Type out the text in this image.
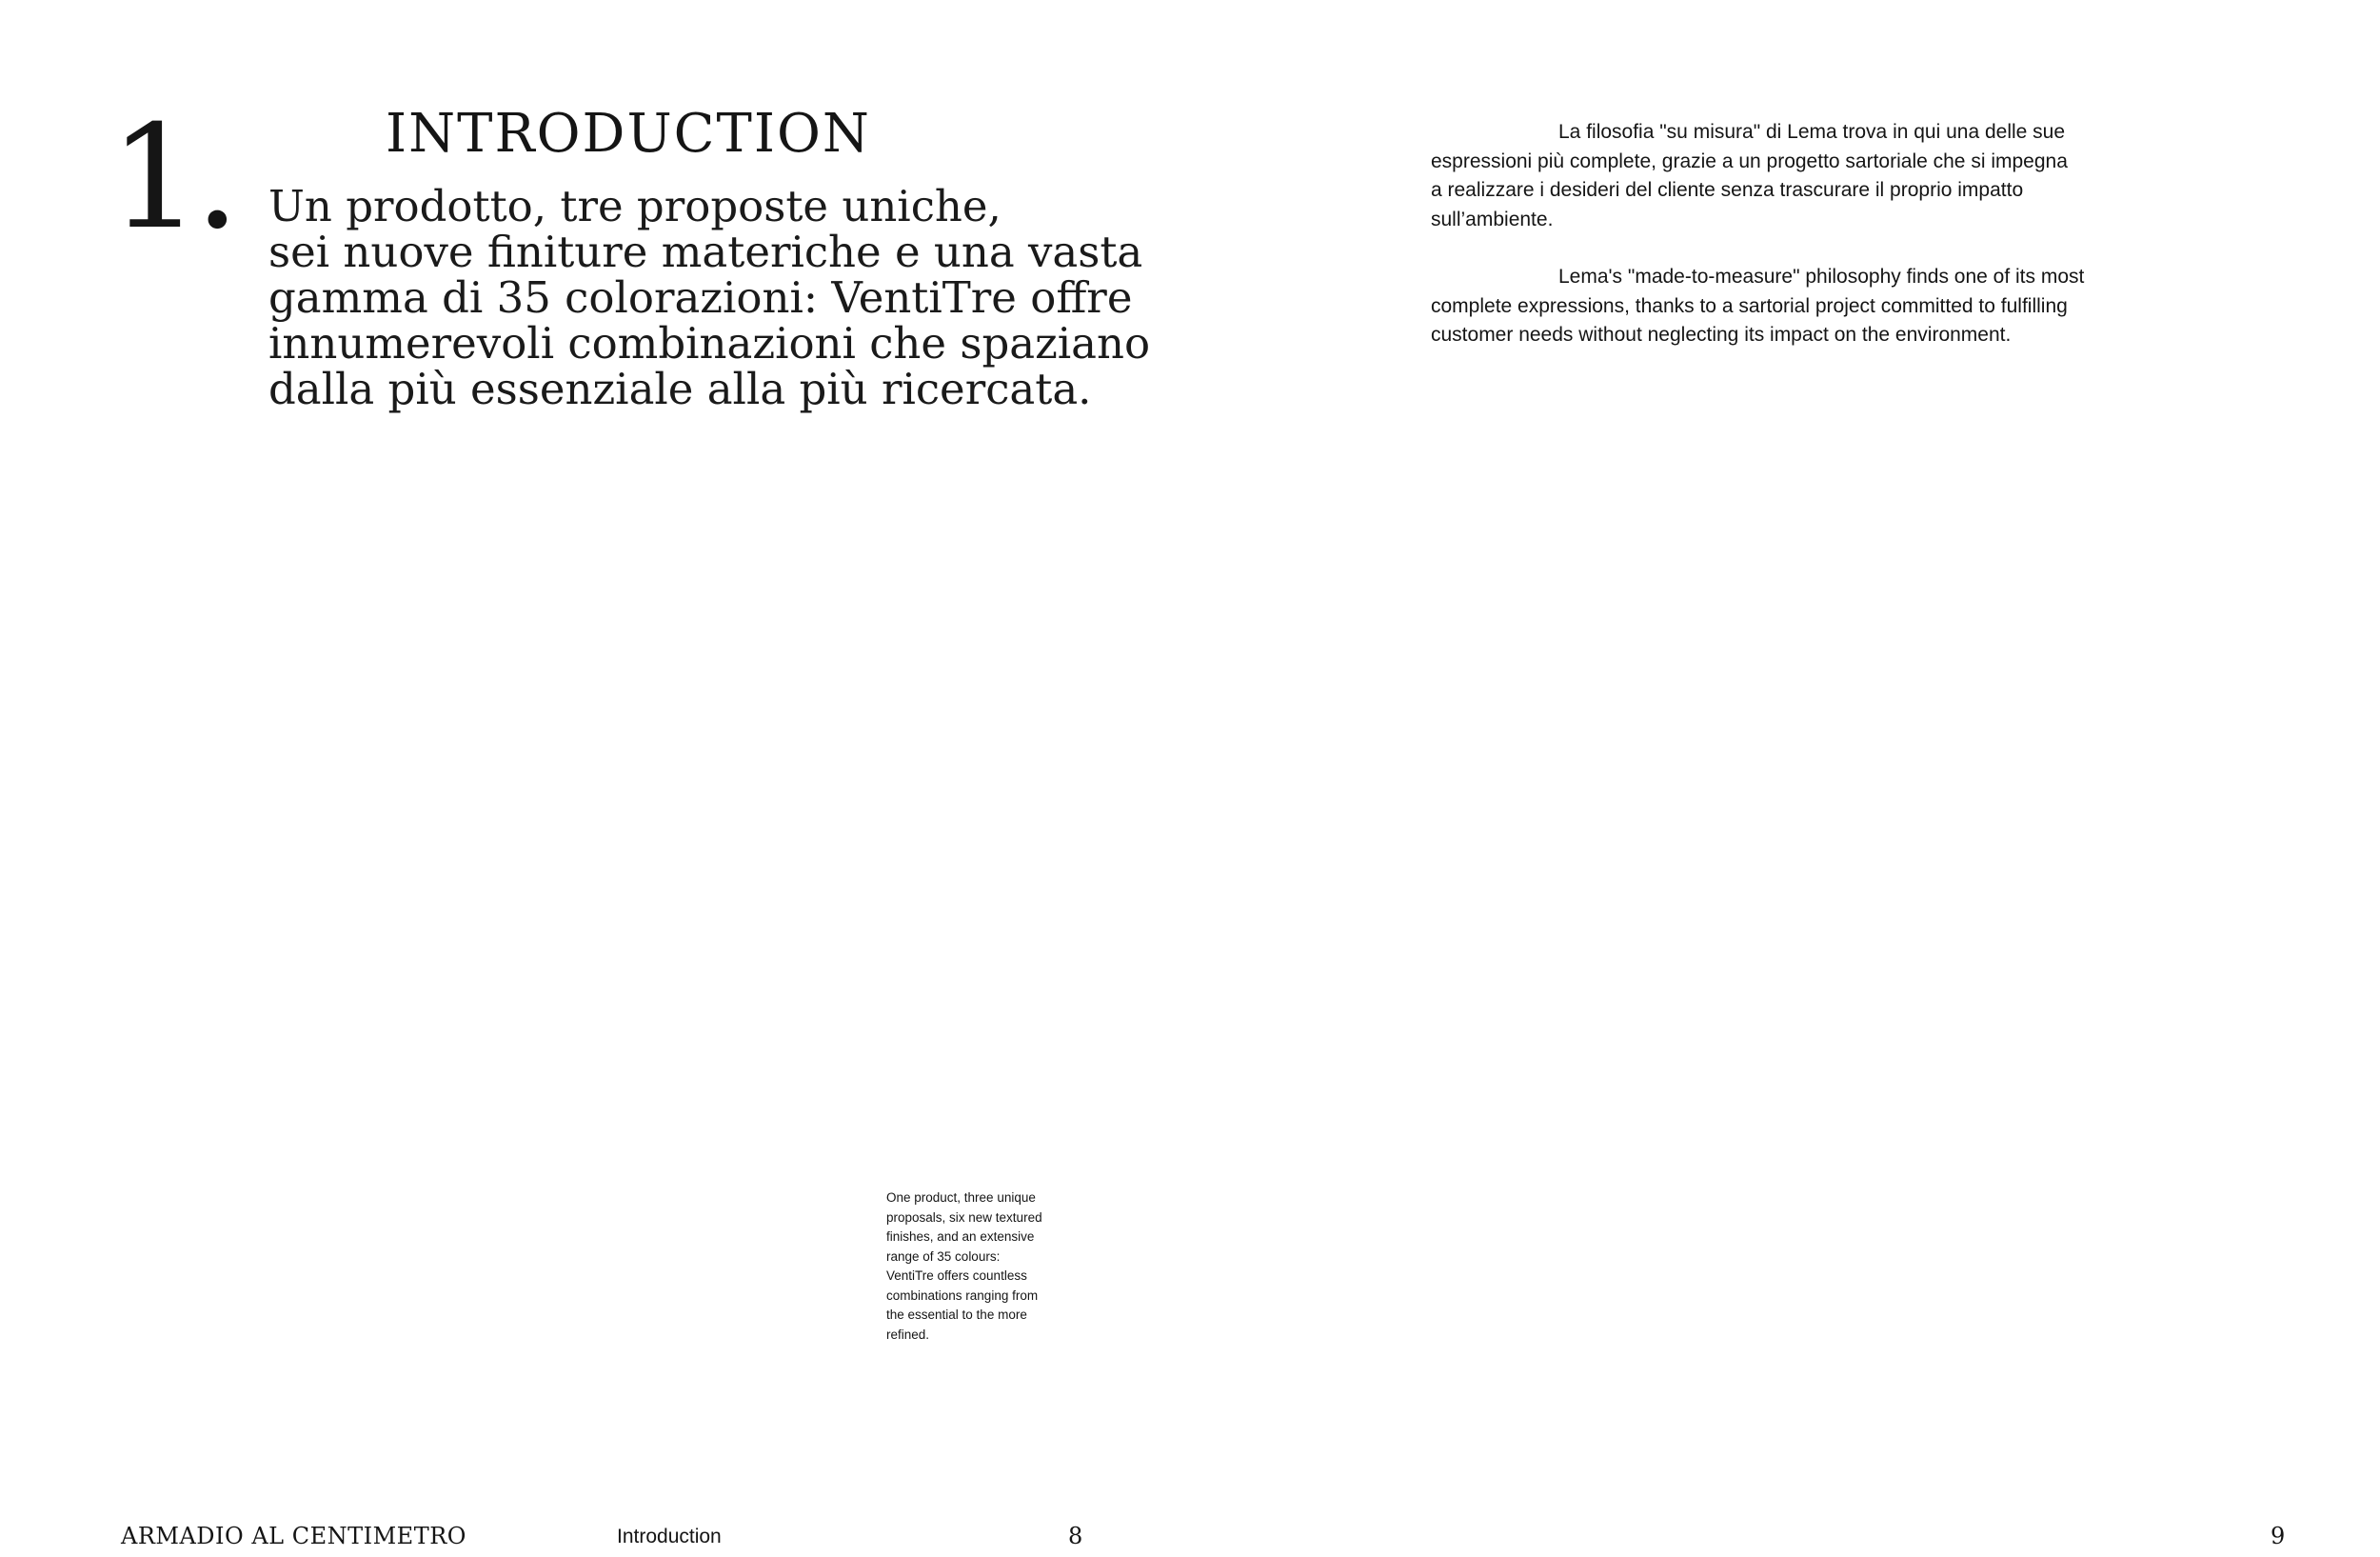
1.	INTRODUCTION
Un prodotto, tre proposte uniche,
sei nuove finiture materiche e una vasta
gamma di 35 colorazioni: VentiTre offre
innumerevoli combinazioni che spaziano
dalla più essenziale alla più ricercata.
One product, three unique
proposals, six new textured
finishes, and an extensive
range of 35 colours:
VentiTre offers countless
combinations ranging from
the essential to the more
refined.
ARMADIO AL CENTIMETRO	Introduction	8
La filosofia "su misura" di Lema trova in qui una delle sue
espressioni più complete, grazie a un progetto sartoriale che si impegna
a realizzare i desideri del cliente senza trascurare il proprio impatto
sull’ambiente.
Lema's "made-to-measure" philosophy finds one of its most
complete expressions, thanks to a sartorial project committed to fulfilling
customer needs without neglecting its impact on the environment.
9
